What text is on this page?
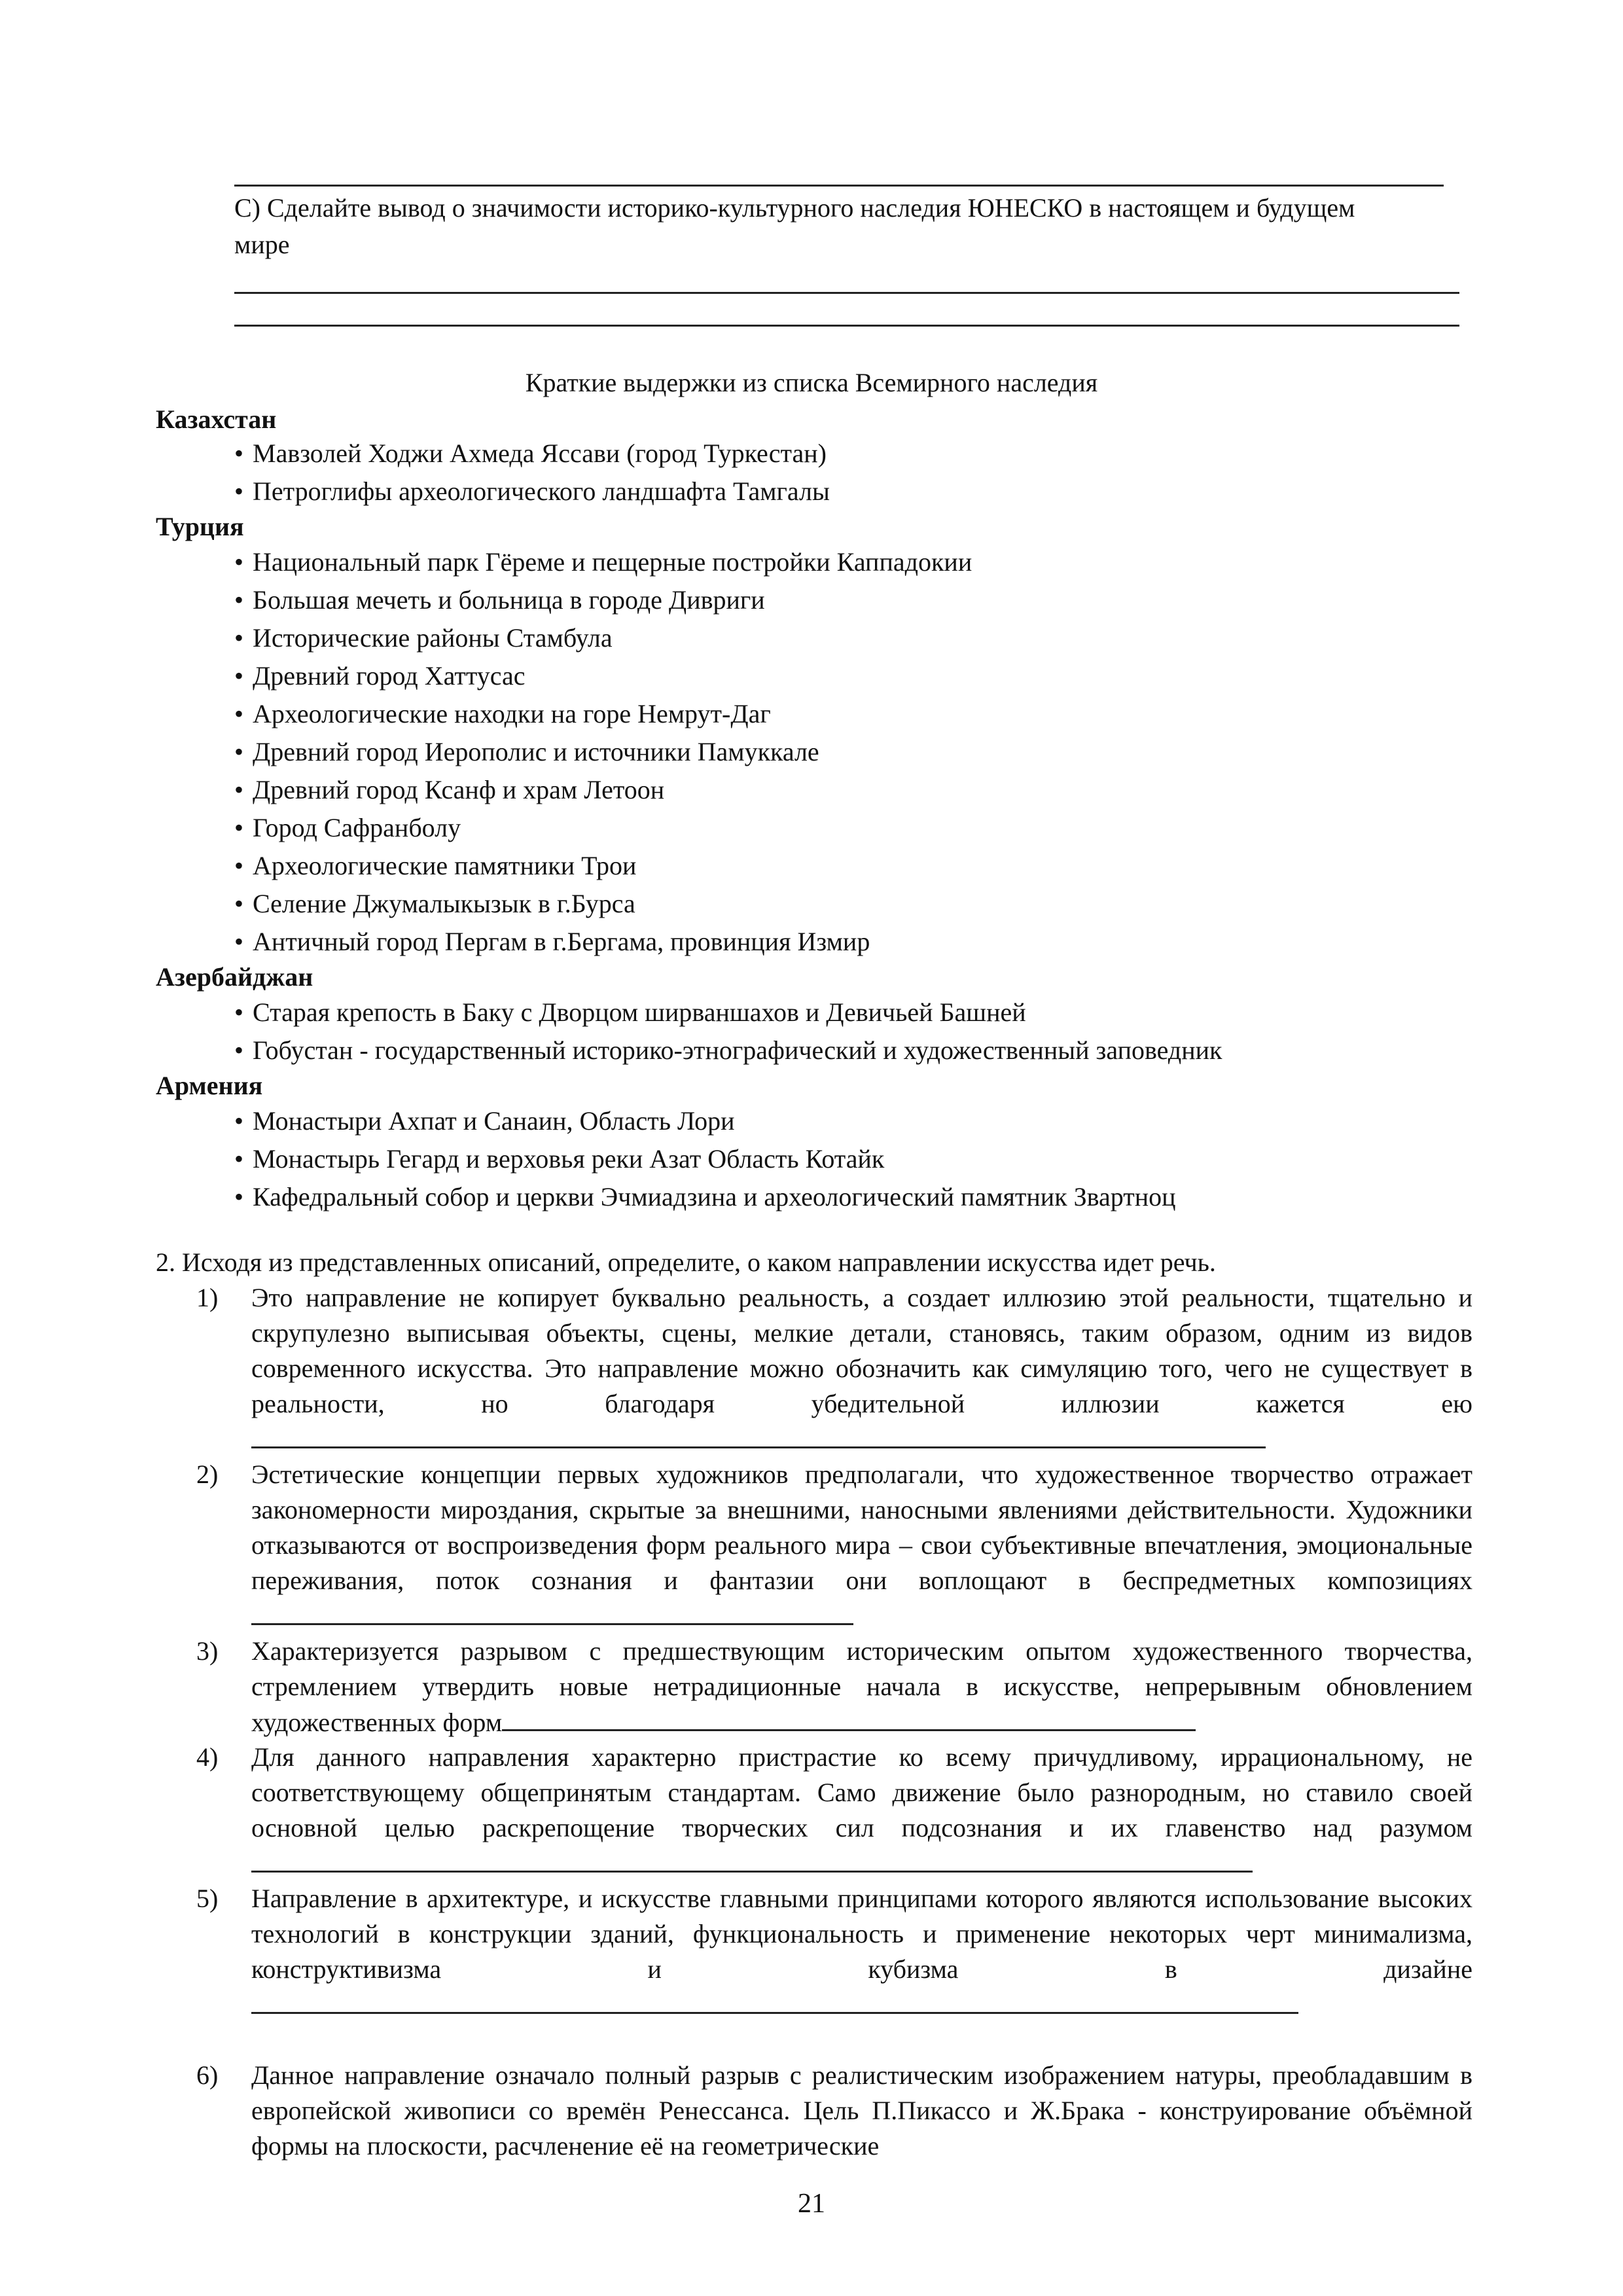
С) Сделайте вывод о значимости историко-культурного наследия ЮНЕСКО в настоящем и будущем мире
Краткие выдержки из списка Всемирного наследия
Казахстан
• Мавзолей Ходжи Ахмеда Яссави (город Туркестан)
• Петроглифы археологического ландшафта Тамгалы
Турция
• Национальный парк Гёреме и пещерные постройки Каппадокии
• Большая мечеть и больница в городе Дивриги
• Исторические районы Стамбула
• Древний город Хаттусас
• Археологические находки на горе Немрут-Даг
• Древний город Иерополис и источники Памуккале
• Древний город Ксанф и храм Летоон
• Город Сафранболу
• Археологические памятники Трои
• Селение Джумалыкызык в г.Бурса
• Античный город Пергам в г.Бергама, провинция Измир
Азербайджан
• Старая крепость в Баку с Дворцом ширваншахов и Девичьей Башней
• Гобустан - государственный историко-этнографический и художественный заповедник
Армения
• Монастыри Ахпат и Санаин, Область Лори
• Монастырь Гегард и верховья реки Азат Область Котайк
• Кафедральный собор и церкви Эчмиадзина и археологический памятник Звартноц
2. Исходя из представленных описаний, определите, о каком направлении искусства идет речь.
1)	Это направление не копирует буквально реальность, а создает иллюзию этой реальности, тщательно и скрупулезно выписывая объекты, сцены, мелкие детали, становясь, таким образом, одним из видов современного искусства. Это направление можно обозначить как симуляцию того, чего не существует в реальности, но благодаря убедительной иллюзии кажется ею
2)	Эстетические концепции первых художников предполагали, что художественное творчество отражает закономерности мироздания, скрытые за внешними, наносными явлениями действительности. Художники отказываются от воспроизведения форм реального мира – свои субъективные впечатления, эмоциональные переживания, поток сознания и фантазии они воплощают в беспредметных композициях
3)	Характеризуется разрывом с предшествующим историческим опытом художественного творчества, стремлением утвердить новые нетрадиционные начала в искусстве, непрерывным обновлением художественных форм
4)	Для данного направления характерно пристрастие ко всему причудливому, иррациональному, не соответствующему общепринятым стандартам. Само движение было разнородным, но ставило своей основной целью раскрепощение творческих сил подсознания и их главенство над разумом
5)	Направление в архитектуре, и искусстве главными принципами которого являются использование высоких технологий в конструкции зданий, функциональность и применение некоторых черт минимализма, конструктивизма и кубизма в дизайне
6)	Данное направление означало полный разрыв с реалистическим изображением натуры, преобладавшим в европейской живописи со времён Ренессанса. Цель П.Пикассо и Ж.Брака - конструирование объёмной формы на плоскости, расчленение её на геометрические
21
